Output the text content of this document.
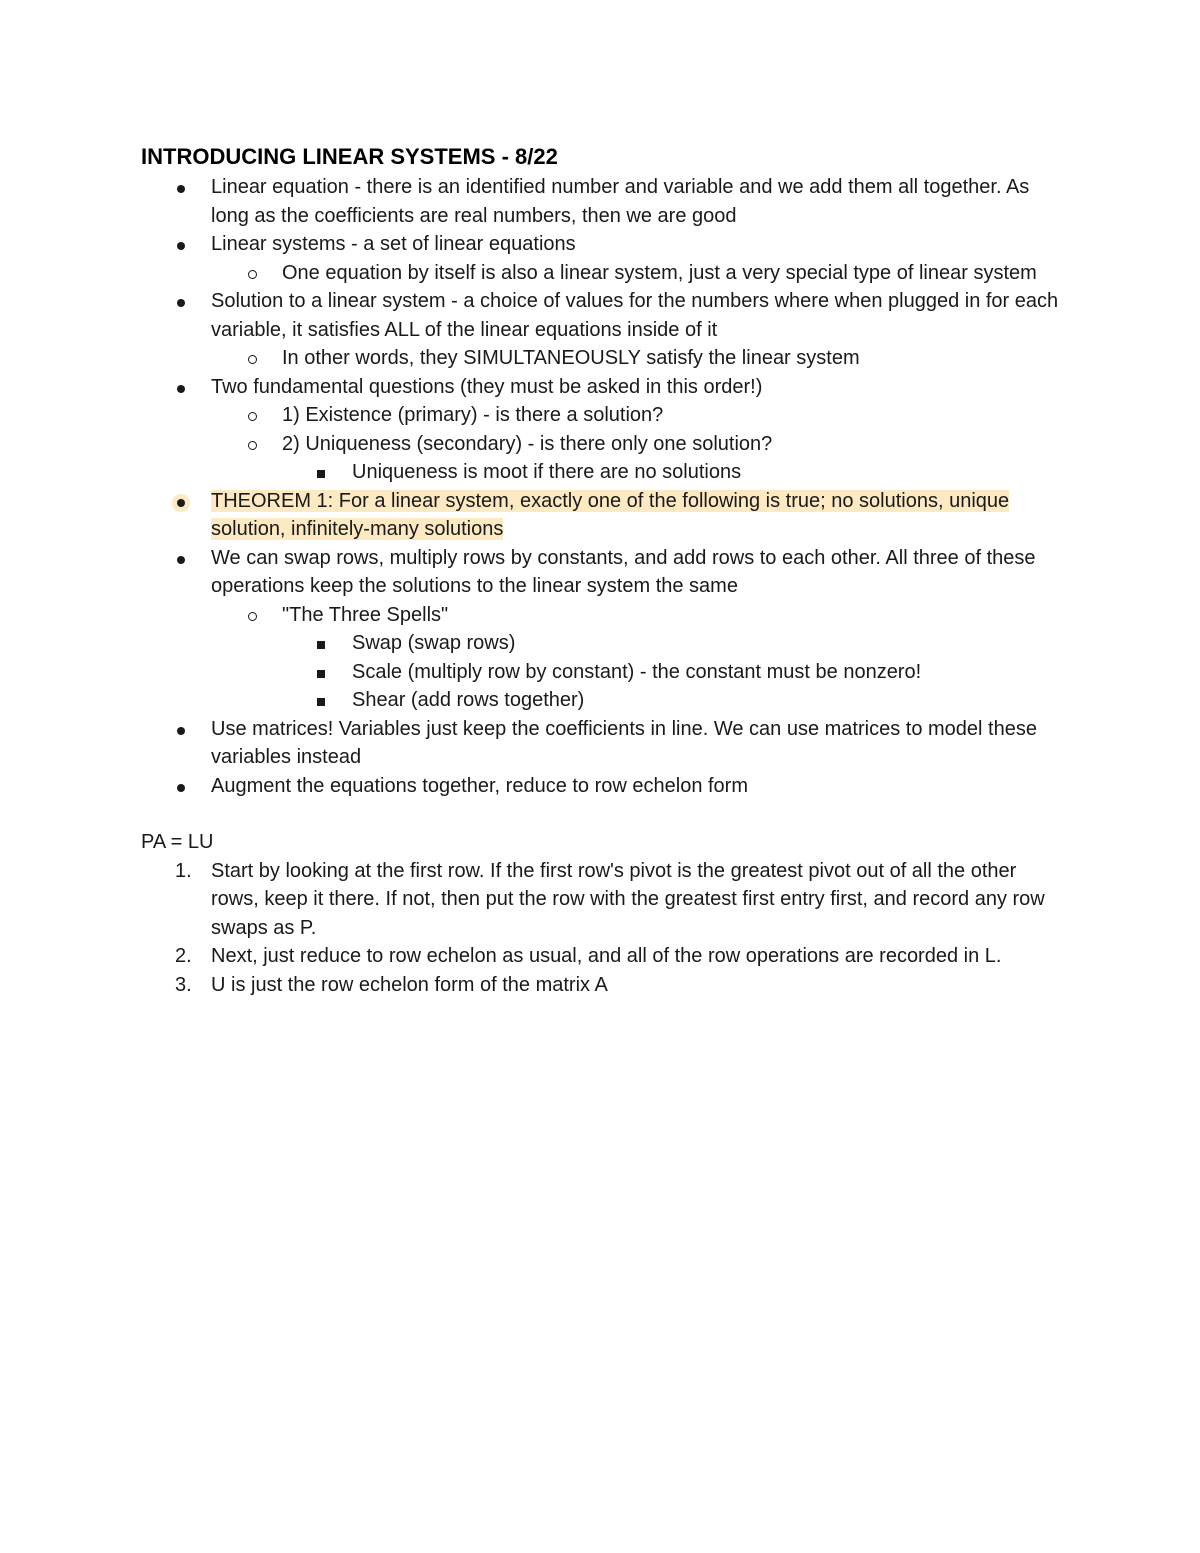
INTRODUCING LINEAR SYSTEMS - 8/22
Linear equation - there is an identified number and variable and we add them all together. As long as the coefficients are real numbers, then we are good
Linear systems - a set of linear equations
One equation by itself is also a linear system, just a very special type of linear system
Solution to a linear system - a choice of values for the numbers where when plugged in for each variable, it satisfies ALL of the linear equations inside of it
In other words, they SIMULTANEOUSLY satisfy the linear system
Two fundamental questions (they must be asked in this order!)
1) Existence (primary) - is there a solution?
2) Uniqueness (secondary) - is there only one solution?
Uniqueness is moot if there are no solutions
THEOREM 1: For a linear system, exactly one of the following is true; no solutions, unique solution, infinitely-many solutions
We can swap rows, multiply rows by constants, and add rows to each other. All three of these operations keep the solutions to the linear system the same
"The Three Spells"
Swap (swap rows)
Scale (multiply row by constant) - the constant must be nonzero!
Shear (add rows together)
Use matrices! Variables just keep the coefficients in line. We can use matrices to model these variables instead
Augment the equations together, reduce to row echelon form

PA = LU

1. Start by looking at the first row. If the first row's pivot is the greatest pivot out of all the other rows, keep it there. If not, then put the row with the greatest first entry first, and record any row swaps as P.
2. Next, just reduce to row echelon as usual, and all of the row operations are recorded in L.
3. U is just the row echelon form of the matrix A
